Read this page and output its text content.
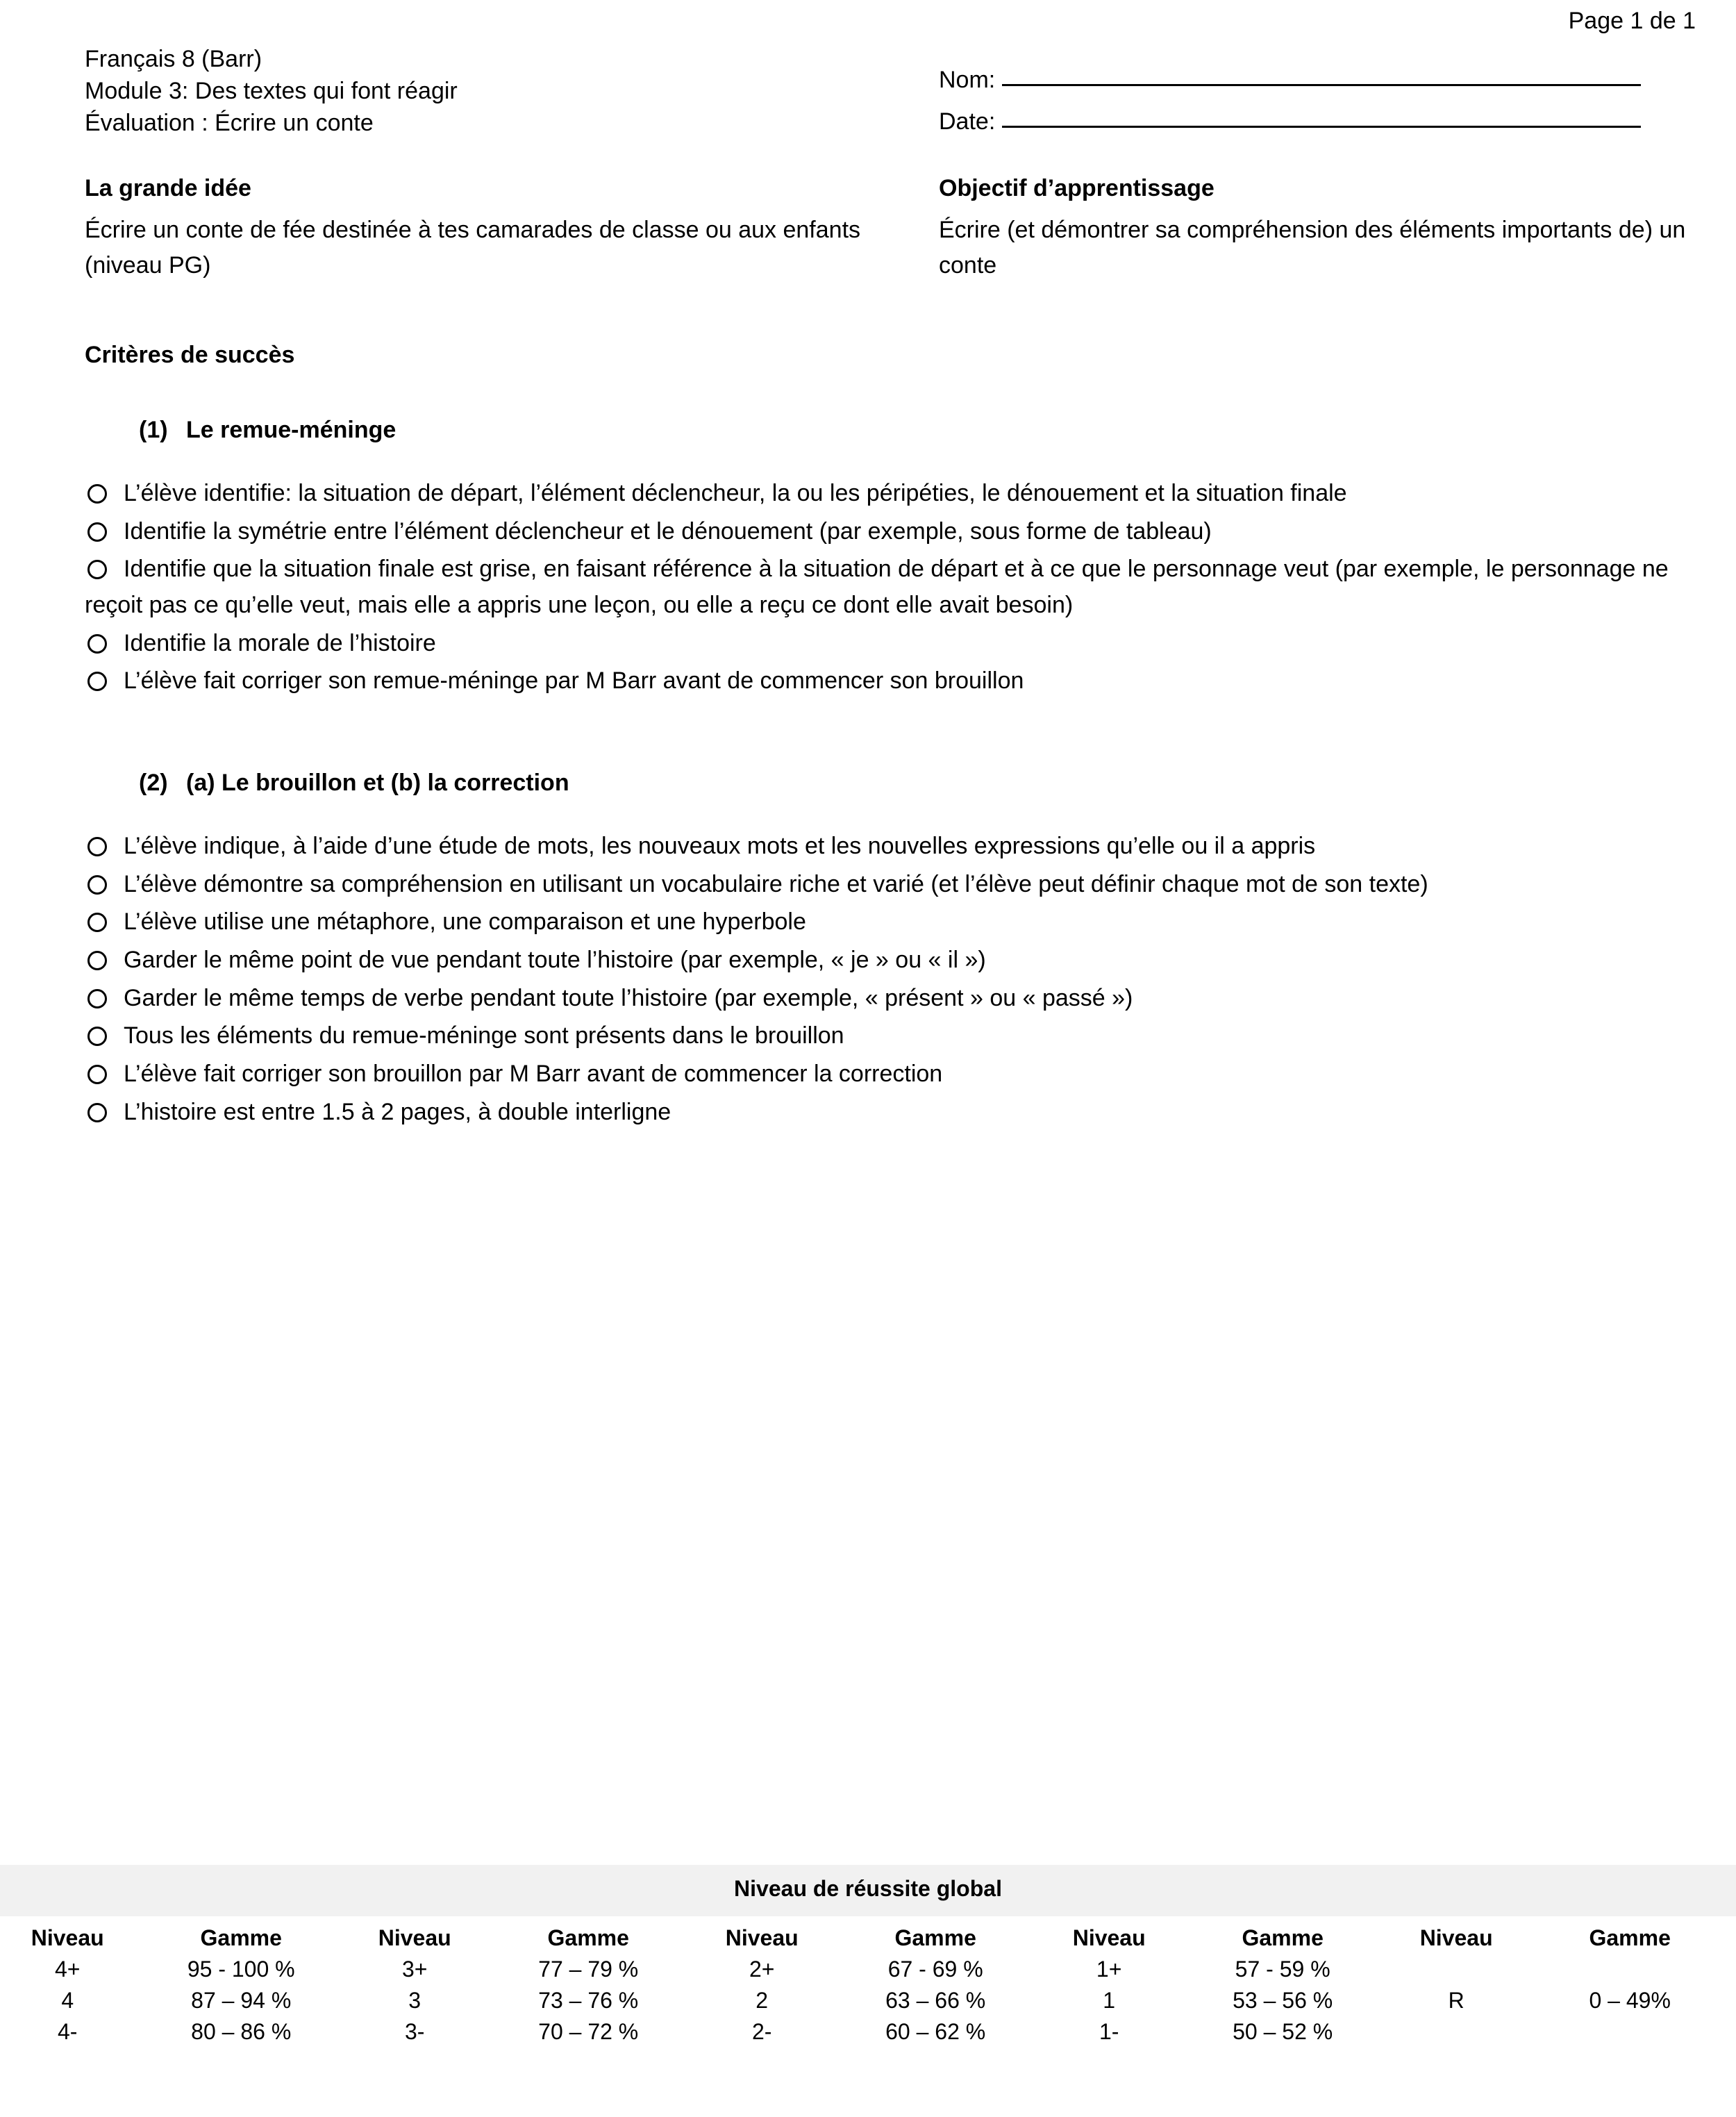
Page 1 de 1
Français 8 (Barr)
Module 3: Des textes qui font réagir
Évaluation : Écrire un conte
Nom:
Date:
La grande idée
Écrire un conte de fée destinée à tes camarades de classe ou aux enfants (niveau PG)
Objectif d’apprentissage
Écrire (et démontrer sa compréhension des éléments importants de) un conte
Critères de succès
(1) Le remue-méninge
L’élève identifie: la situation de départ, l’élément déclencheur, la ou les péripéties, le dénouement et la situation finale
Identifie la symétrie entre l’élément déclencheur et le dénouement (par exemple, sous forme de tableau)
Identifie que la situation finale est grise, en faisant référence à la situation de départ et à ce que le personnage veut (par exemple, le personnage ne reçoit pas ce qu’elle veut, mais elle a appris une leçon, ou elle a reçu ce dont elle avait besoin)
Identifie la morale de l’histoire
L’élève fait corriger son remue-méninge par M Barr avant de commencer son brouillon
(2) (a) Le brouillon et (b) la correction
L’élève indique, à l’aide d’une étude de mots, les nouveaux mots et les nouvelles expressions qu’elle ou il a appris
L’élève démontre sa compréhension en utilisant un vocabulaire riche et varié (et l’élève peut définir chaque mot de son texte)
L’élève utilise une métaphore, une comparaison et une hyperbole
Garder le même point de vue pendant toute l’histoire (par exemple, « je » ou « il »)
Garder le même temps de verbe pendant toute l’histoire (par exemple, « présent » ou « passé »)
Tous les éléments du remue-méninge sont présents dans le brouillon
L’élève fait corriger son brouillon par M Barr avant de commencer la correction
L’histoire est entre 1.5 à 2 pages, à double interligne
Niveau de réussite global
Niveau	Gamme	Niveau	Gamme	Niveau	Gamme	Niveau	Gamme	Niveau	Gamme
4+	95 - 100 %	3+	77 – 79 %	2+	67 - 69 %	1+	57 - 59 %		
4	87 – 94 %	3	73 – 76 %	2	63 – 66 %	1	53 – 56 %	R	0 – 49%
4-	80 – 86 %	3-	70 – 72 %	2-	60 – 62 %	1-	50 – 52 %		
